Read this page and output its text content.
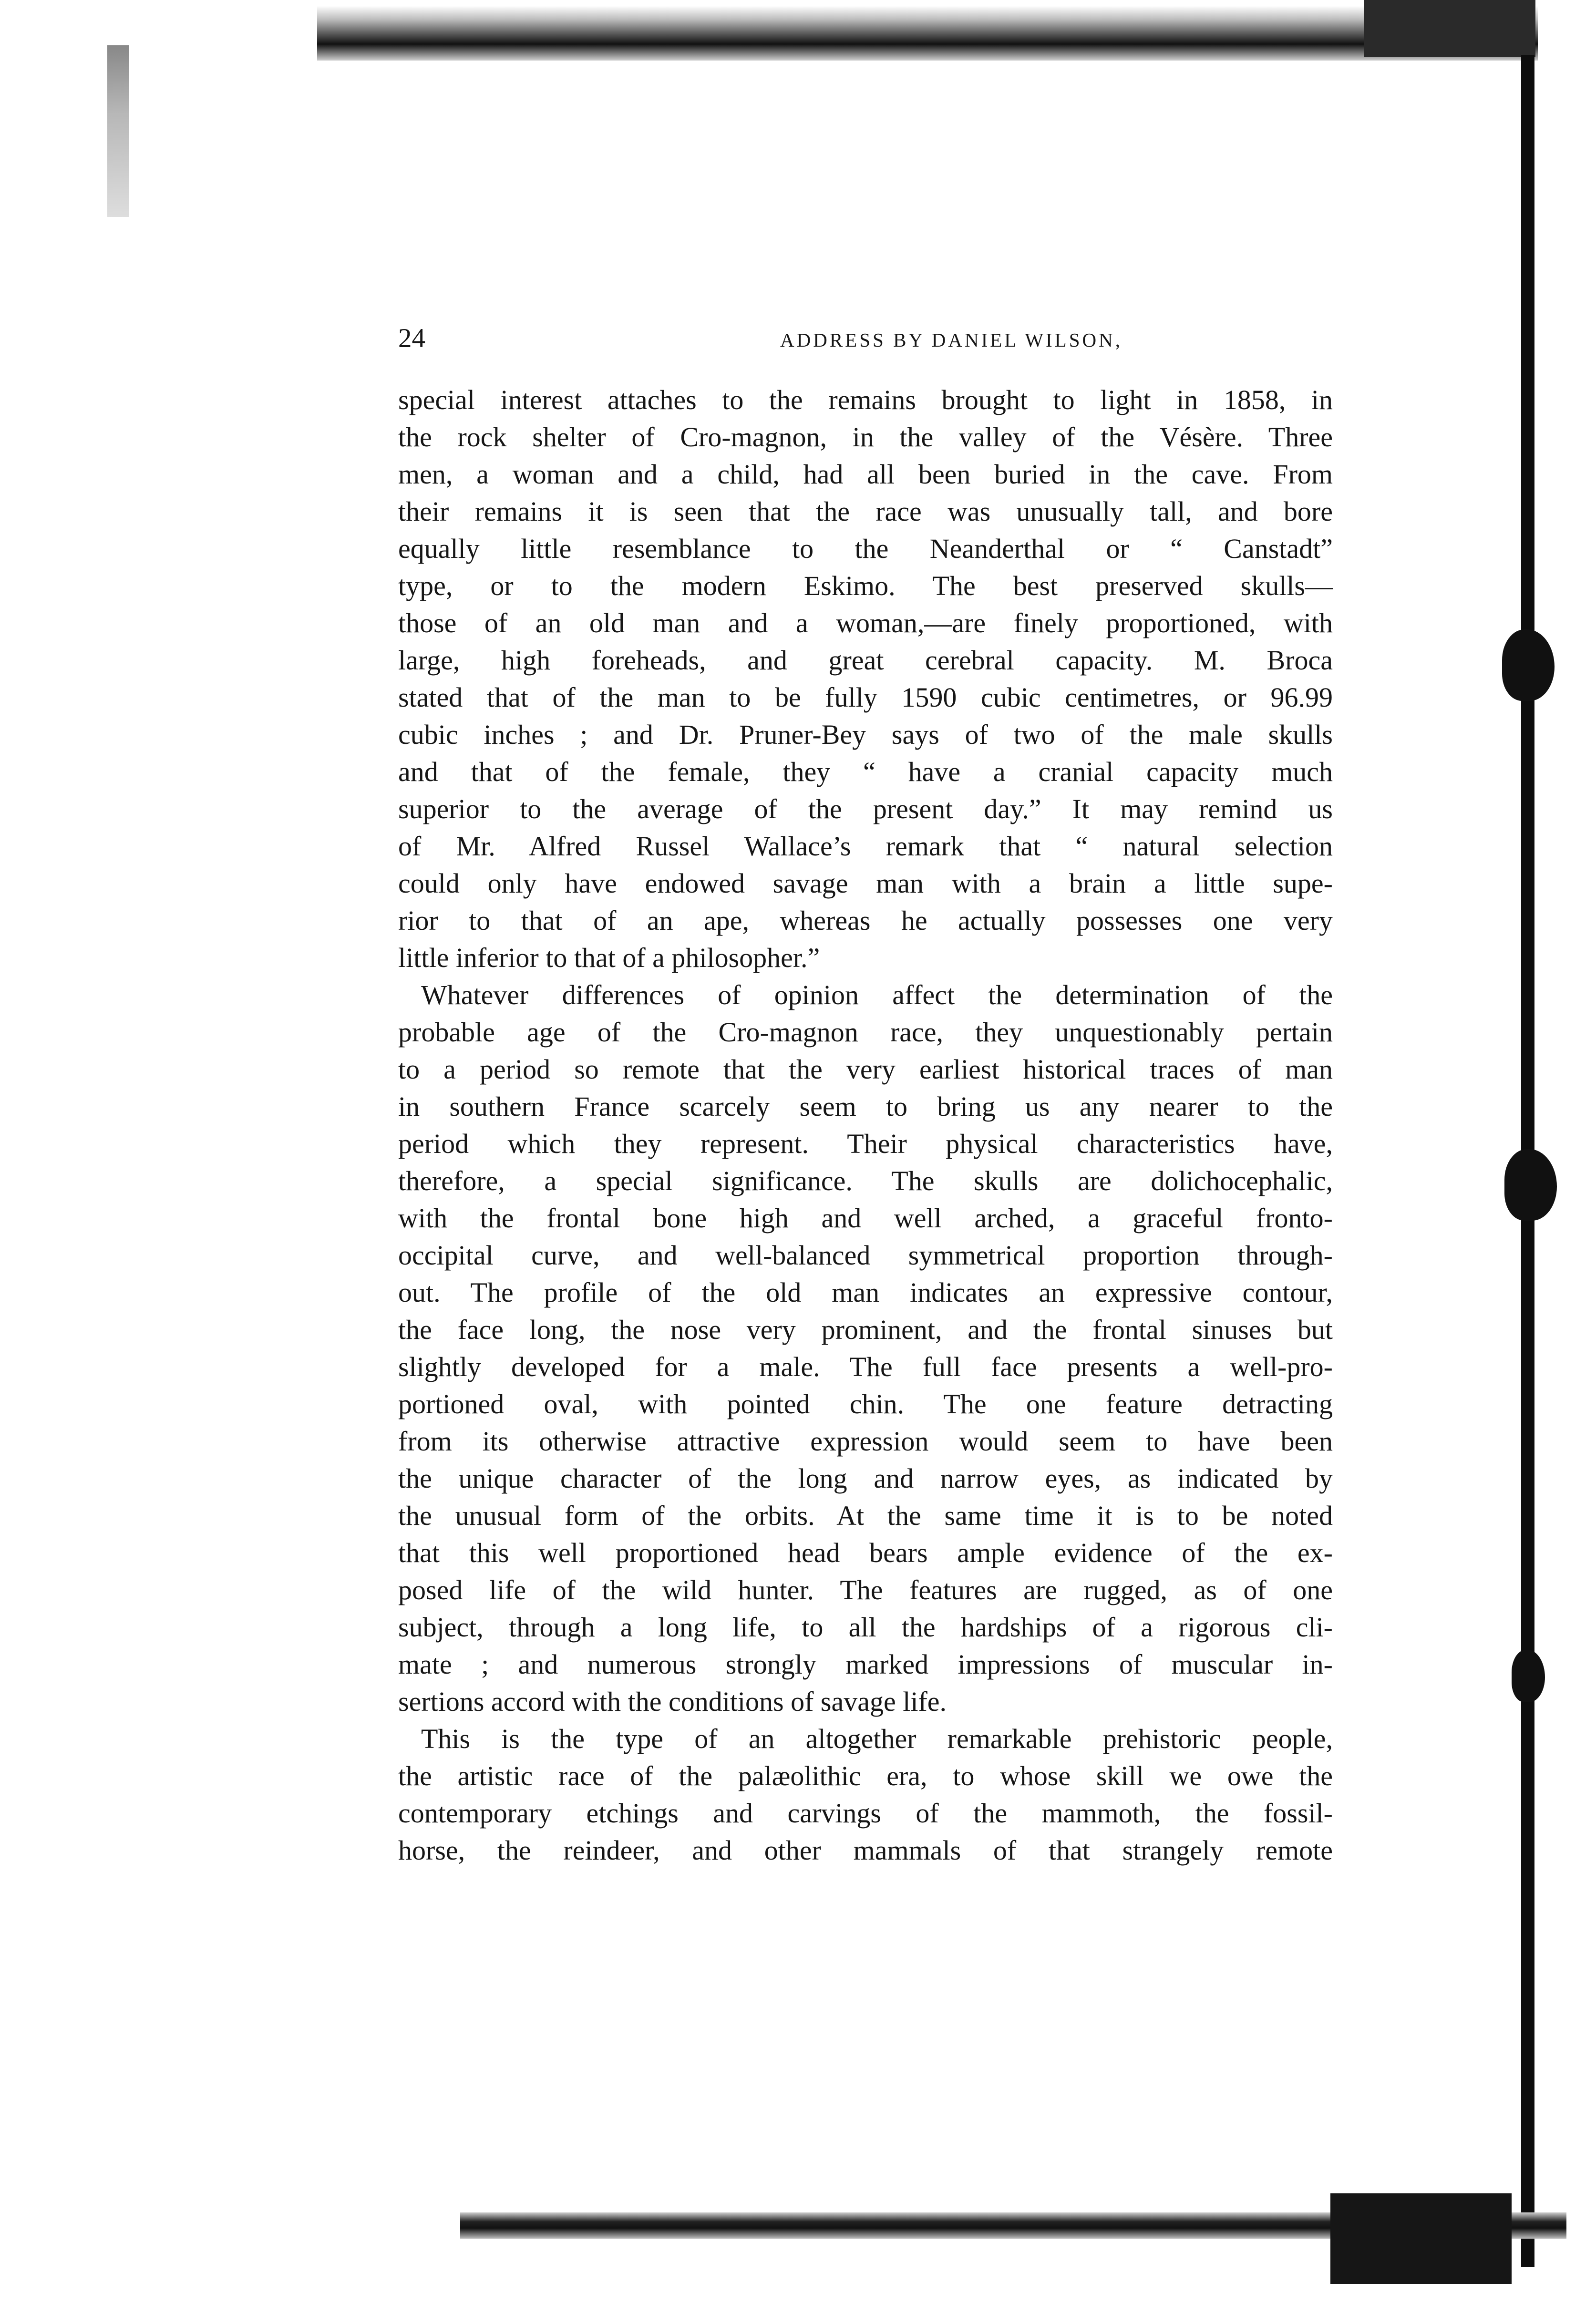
24	ADDRESS BY DANIEL WILSON,
special interest attaches to the remains brought to light in 1858, in
the rock shelter of Cro-magnon, in the valley of the Vésère. Three
men, a woman and a child, had all been buried in the cave. From
their remains it is seen that the race was unusually tall, and bore
equally little resemblance to the Neanderthal or “ Canstadt”
type, or to the modern Eskimo. The best preserved skulls—
those of an old man and a woman,—are finely proportioned, with
large, high foreheads, and great cerebral capacity. M. Broca
stated that of the man to be fully 1590 cubic centimetres, or 96.99
cubic inches ; and Dr. Pruner-Bey says of two of the male skulls
and that of the female, they “ have a cranial capacity much
superior to the average of the present day.” It may remind us
of Mr. Alfred Russel Wallace’s remark that “ natural selection
could only have endowed savage man with a brain a little supe-
rior to that of an ape, whereas he actually possesses one very
little inferior to that of a philosopher.”
Whatever differences of opinion affect the determination of the
probable age of the Cro-magnon race, they unquestionably pertain
to a period so remote that the very earliest historical traces of man
in southern France scarcely seem to bring us any nearer to the
period which they represent. Their physical characteristics have,
therefore, a special significance. The skulls are dolichocephalic,
with the frontal bone high and well arched, a graceful fronto-
occipital curve, and well-balanced symmetrical proportion through-
out. The profile of the old man indicates an expressive contour,
the face long, the nose very prominent, and the frontal sinuses but
slightly developed for a male. The full face presents a well-pro-
portioned oval, with pointed chin. The one feature detracting
from its otherwise attractive expression would seem to have been
the unique character of the long and narrow eyes, as indicated by
the unusual form of the orbits. At the same time it is to be noted
that this well proportioned head bears ample evidence of the ex-
posed life of the wild hunter. The features are rugged, as of one
subject, through a long life, to all the hardships of a rigorous cli-
mate ; and numerous strongly marked impressions of muscular in-
sertions accord with the conditions of savage life.
This is the type of an altogether remarkable prehistoric people,
the artistic race of the palæolithic era, to whose skill we owe the
contemporary etchings and carvings of the mammoth, the fossil-
horse, the reindeer, and other mammals of that strangely remote
